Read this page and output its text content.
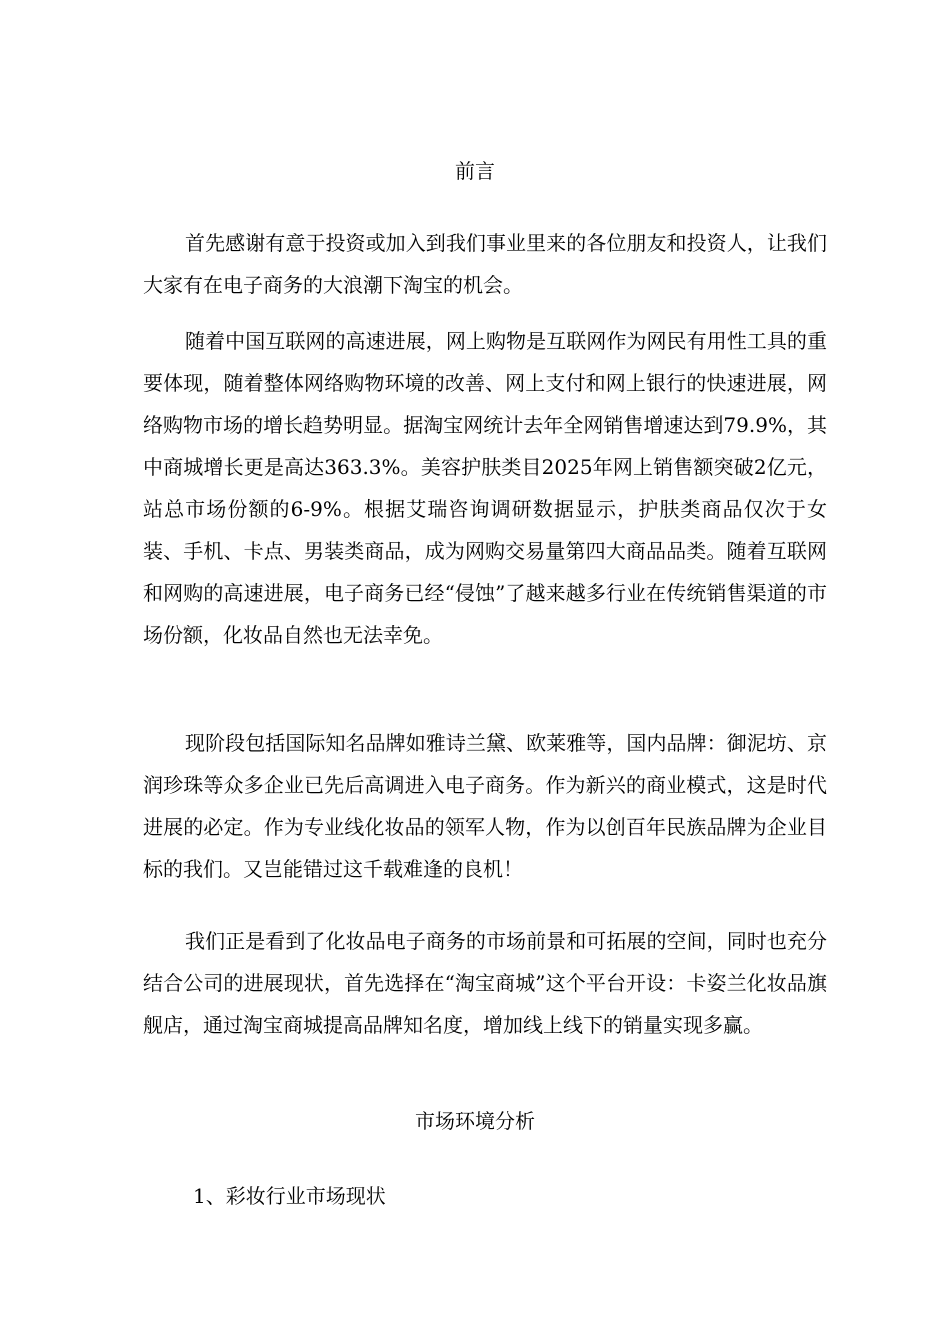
前言

首先感谢有意于投资或加入到我们事业里来的各位朋友和投资人，让我们大家有在电子商务的大浪潮下淘宝的机会。

随着中国互联网的高速进展，网上购物是互联网作为网民有用性工具的重要体现，随着整体网络购物环境的改善、网上支付和网上银行的快速进展，网络购物市场的增长趋势明显。据淘宝网统计去年全网销售增速达到79.9%，其中商城增长更是高达363.3%。美容护肤类目2025年网上销售额突破2亿元，站总市场份额的6-9%。根据艾瑞咨询调研数据显示，护肤类商品仅次于女装、手机、卡点、男装类商品，成为网购交易量第四大商品品类。随着互联网和网购的高速进展，电子商务已经“侵蚀”了越来越多行业在传统销售渠道的市场份额，化妆品自然也无法幸免。

现阶段包括国际知名品牌如雅诗兰黛、欧莱雅等，国内品牌：御泥坊、京润珍珠等众多企业已先后高调进入电子商务。作为新兴的商业模式，这是时代进展的必定。作为专业线化妆品的领军人物，作为以创百年民族品牌为企业目标的我们。又岂能错过这千载难逢的良机！

我们正是看到了化妆品电子商务的市场前景和可拓展的空间，同时也充分结合公司的进展现状，首先选择在“淘宝商城”这个平台开设：卡姿兰化妆品旗舰店，通过淘宝商城提高品牌知名度，增加线上线下的销量实现多赢。

市场环境分析
1、彩妆行业市场现状
